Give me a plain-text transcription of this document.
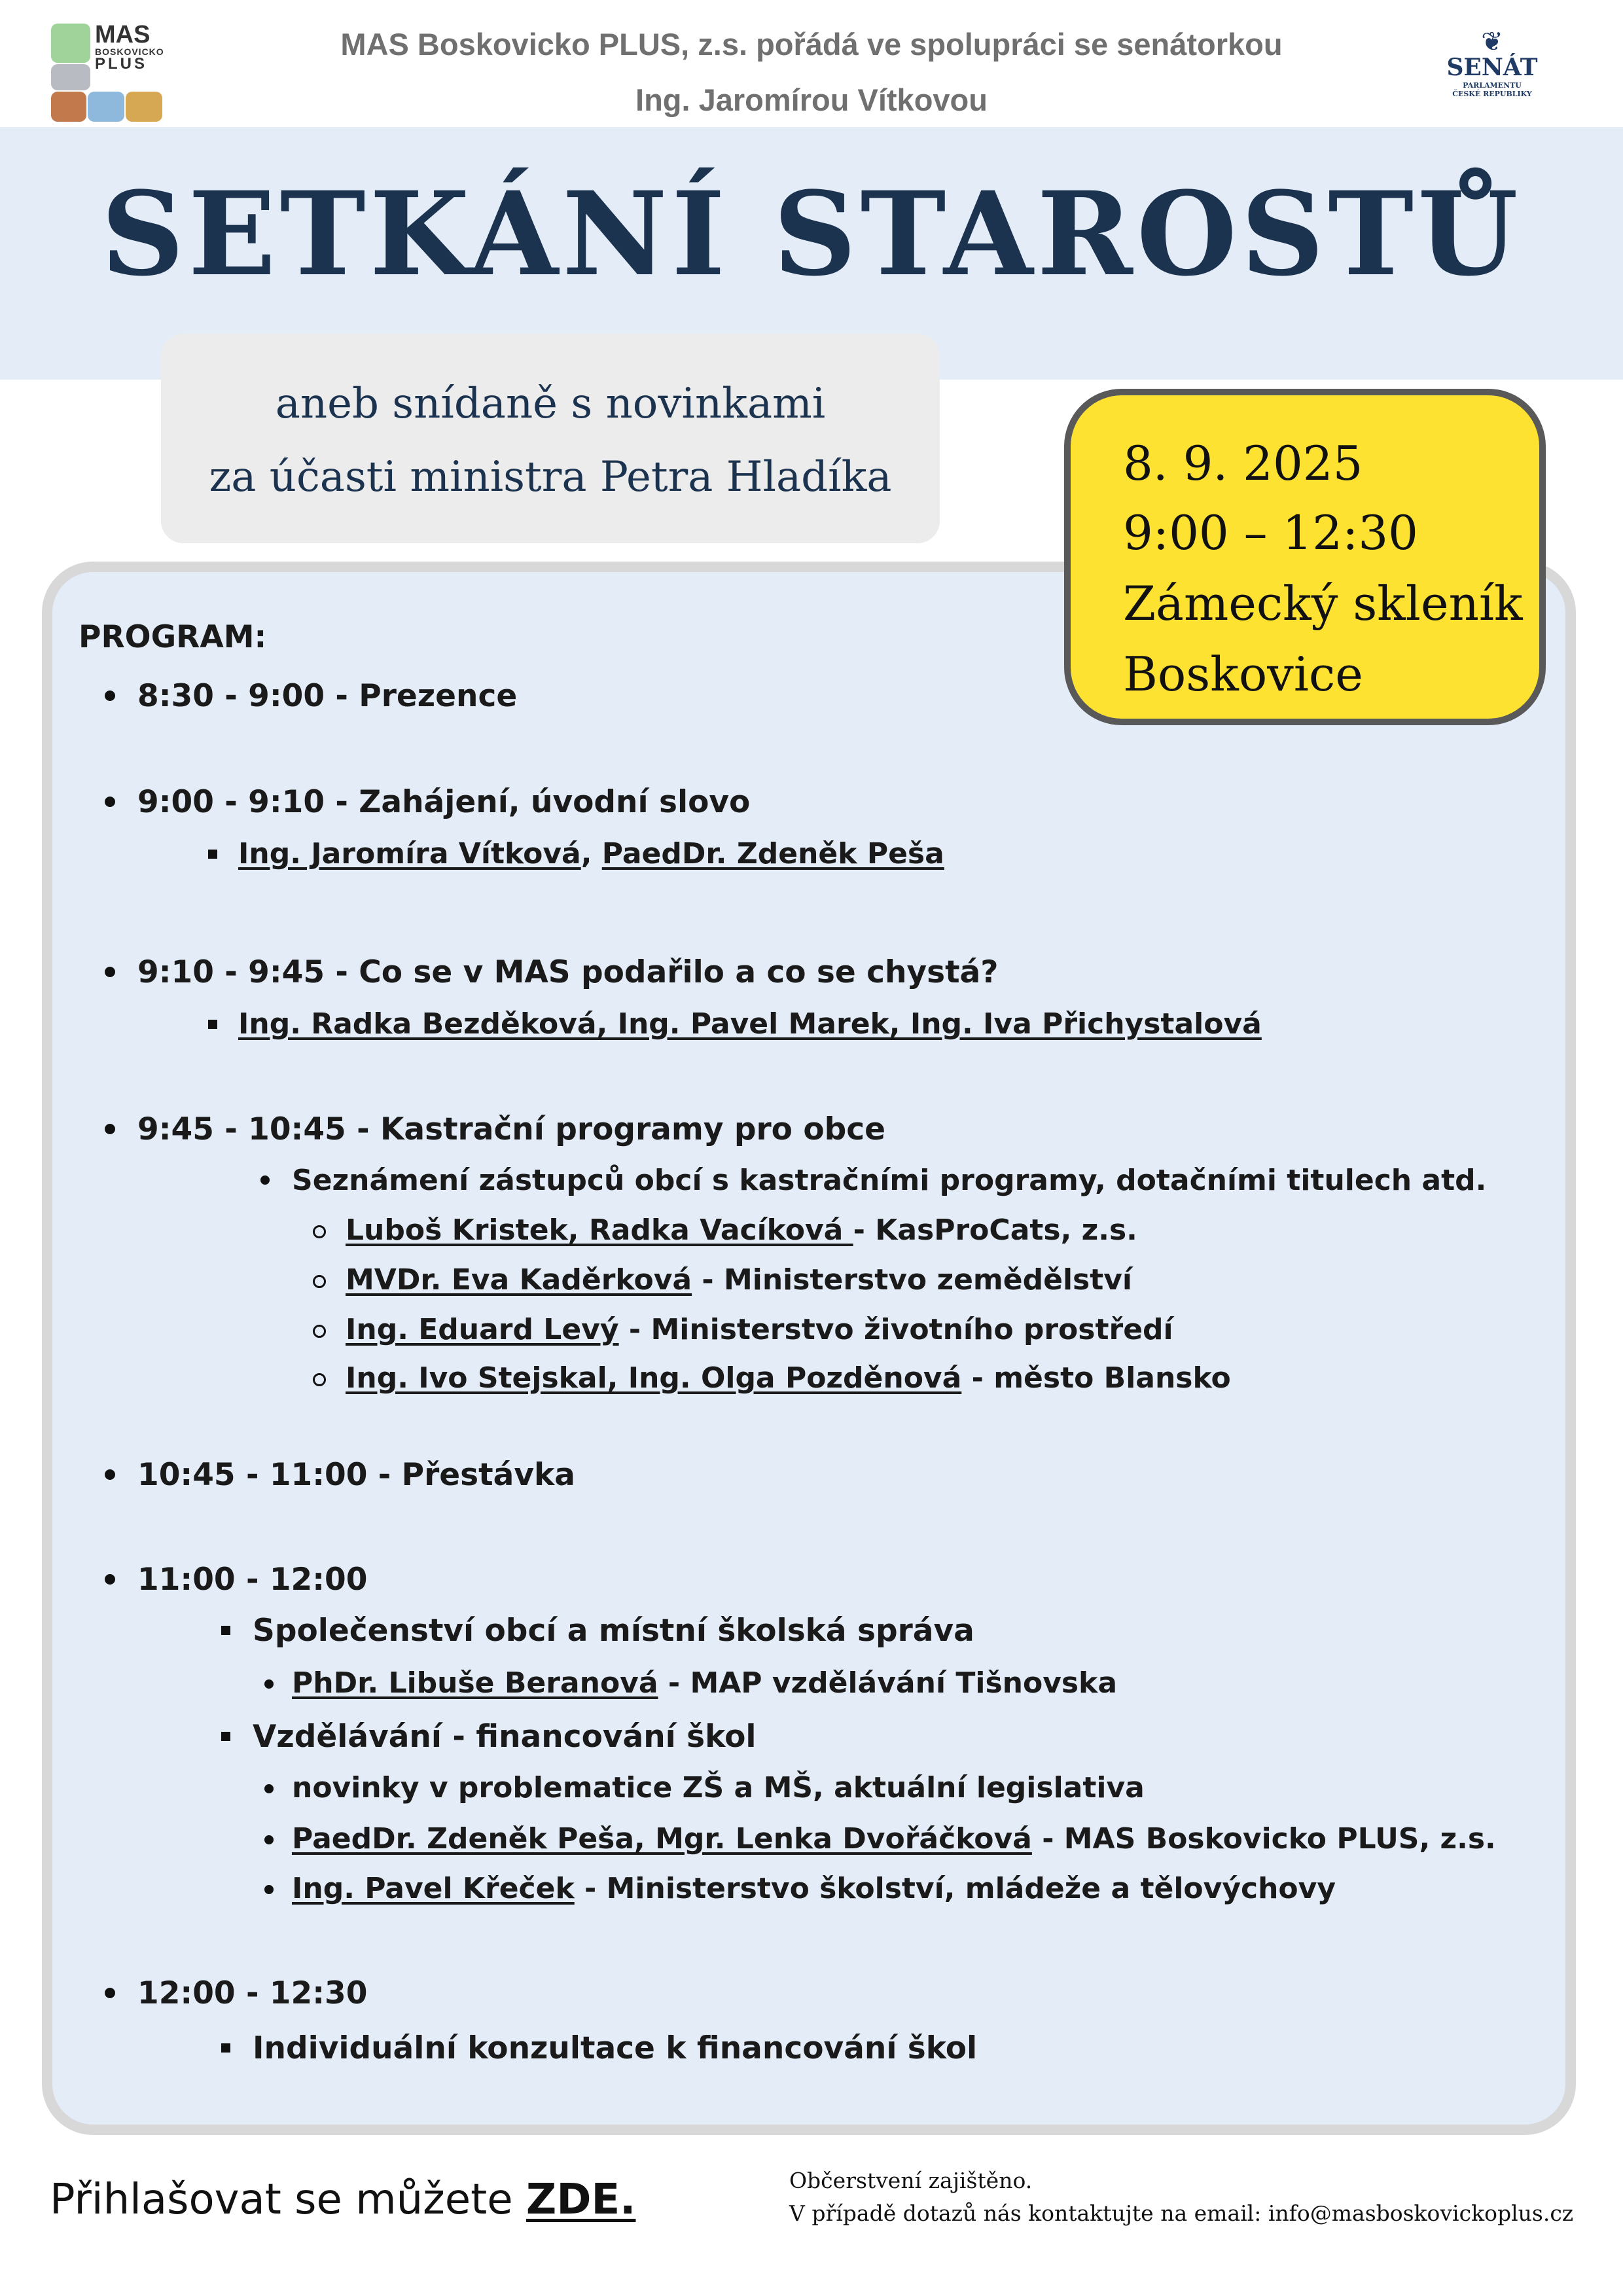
MAS
BOSKOVICKO
PLUS
MAS Boskovicko PLUS, z.s. pořádá ve spolupráci se senátorkou
Ing. Jaromírou Vítkovou
❦
SENÁT
PARLAMENTU
ČESKÉ REPUBLIKY
SETKÁNÍ STAROSTŮ
aneb snídaně s novinkami
za účasti ministra Petra Hladíka	8. 9. 2025
9:00 – 12:30
Zámecký skleník
Boskovice
PROGRAM:
8:30 - 9:00 - Prezence
9:00 - 9:10 - Zahájení, úvodní slovo
Ing. Jaromíra Vítková, PaedDr. Zdeněk Peša
9:10 - 9:45 - Co se v MAS podařilo a co se chystá?
Ing. Radka Bezděková, Ing. Pavel Marek, Ing. Iva Přichystalová
9:45 - 10:45 - Kastrační programy pro obce
Seznámení zástupců obcí s kastračními programy, dotačními titulech atd.
Luboš Kristek, Radka Vacíková - KasProCats, z.s.
MVDr. Eva Kaděrková - Ministerstvo zemědělství
Ing. Eduard Levý - Ministerstvo životního prostředí
Ing. Ivo Stejskal, Ing. Olga Pozděnová - město Blansko
10:45 - 11:00 - Přestávka
11:00 - 12:00
Společenství obcí a místní školská správa
PhDr. Libuše Beranová - MAP vzdělávání Tišnovska
Vzdělávání - financování škol
novinky v problematice ZŠ a MŠ, aktuální legislativa
PaedDr. Zdeněk Peša, Mgr. Lenka Dvořáčková - MAS Boskovicko PLUS, z.s.
Ing. Pavel Křeček - Ministerstvo školství, mládeže a tělovýchovy
12:00 - 12:30
Individuální konzultace k financování škol
Přihlašovat se můžete ZDE.	Občerstvení zajištěno.
V případě dotazů nás kontaktujte na email: info@masboskovickoplus.cz
